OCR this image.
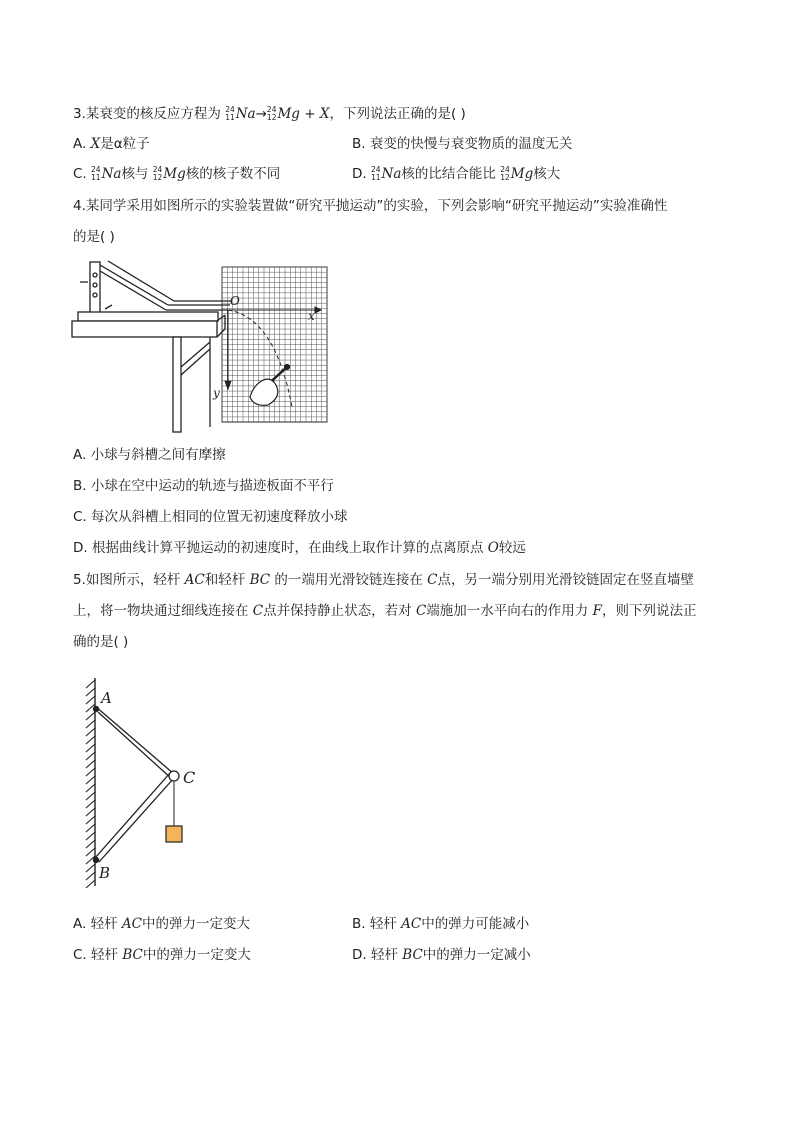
3.某衰变的核反应方程为 24
11 Na→ 24
12 Mg + X，下列说法正确的是( )
A. X是α粒子	B. 衰变的快慢与衰变物质的温度无关
C. 24
11 Na核与 24
12 Mg核的核子数不同	D. 24
11 Na核的比结合能比 24
12 Mg核大
4.某同学采用如图所示的实验装置做“研究平抛运动”的实验，下列会影响“研究平抛运动”实验准确性
的是( )
O
x
y
A. 小球与斜槽之间有摩擦
B. 小球在空中运动的轨迹与描迹板面不平行
C. 每次从斜槽上相同的位置无初速度释放小球
D. 根据曲线计算平抛运动的初速度时，在曲线上取作计算的点离原点 O较远
5.如图所示，轻杆 AC和轻杆 BC 的一端用光滑铰链连接在 C点，另一端分别用光滑铰链固定在竖直墙壁
上，将一物块通过细线连接在 C点并保持静止状态，若对 C端施加一水平向右的作用力 F，则下列说法正
确的是( )
A
C
B
A. 轻杆 AC中的弹力一定变大	B. 轻杆 AC中的弹力可能减小
C. 轻杆 BC中的弹力一定变大	D. 轻杆 BC中的弹力一定减小
